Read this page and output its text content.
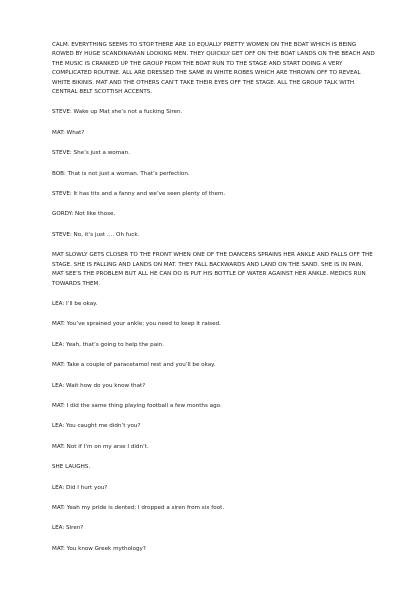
CALM. EVERYTHING SEEMS TO STOP.THERE ARE 10 EQUALLY PRETTY WOMEN ON THE BOAT WHICH IS BEING ROWED BY HUGE SCANDINAVIAN LOOKING MEN. THEY QUICKLY GET OFF ON THE BOAT LANDS ON THE BEACH AND THE MUSIC IS CRANKED UP THE GROUP FROM THE BOAT RUN TO THE STAGE AND START DOING A VERY COMPLICATED ROUTINE. ALL ARE DRESSED THE SAME IN WHITE ROBES WHICH ARE THROWN OFF TO REVEAL WHITE BIKINIS. MAT AND THE OTHERS CAN’T TAKE THEIR EYES OFF THE STAGE. ALL THE GROUP TALK WITH CENTRAL BELT SCOTTISH ACCENTS.

STEVE: Wake up Mat she’s not a fucking Siren.

MAT: What?

STEVE: She’s just a woman.

BOB: That is not just a woman. That’s perfection.

STEVE: It has tits and a fanny and we’ve seen plenty of them.

GORDY: Not like those.

STEVE: No, it’s just …. Oh fuck.

MAT SLOWLY GETS CLOSER TO THE FRONT WHEN ONE OF THE DANCERS SPRAINS HER ANKLE AND FALLS OFF THE STAGE. SHE IS FALLING AND LANDS ON MAT. THEY FALL BACKWARDS AND LAND ON THE SAND. SHE IS IN PAIN. MAT SEE’S THE PROBLEM BUT ALL HE CAN DO IS PUT HIS BOTTLE OF WATER AGAINST HER ANKLE. MEDICS RUN TOWARDS THEM.

LEA: I’ll be okay.

MAT: You’ve sprained your ankle; you need to keep it raised.

LEA: Yeah, that’s going to help the pain.

MAT: Take a couple of paracetamol rest and you’ll be okay.

LEA: Wait how do you know that?

MAT: I did the same thing playing football a few months ago.

LEA: You caught me didn’t you?

MAT: Not if I’m on my arse I didn’t.

SHE LAUGHS.

LEA: Did I hurt you?

MAT: Yeah my pride is dented; I dropped a siren from six foot.

LEA: Siren?

MAT: You know Greek mythology?
